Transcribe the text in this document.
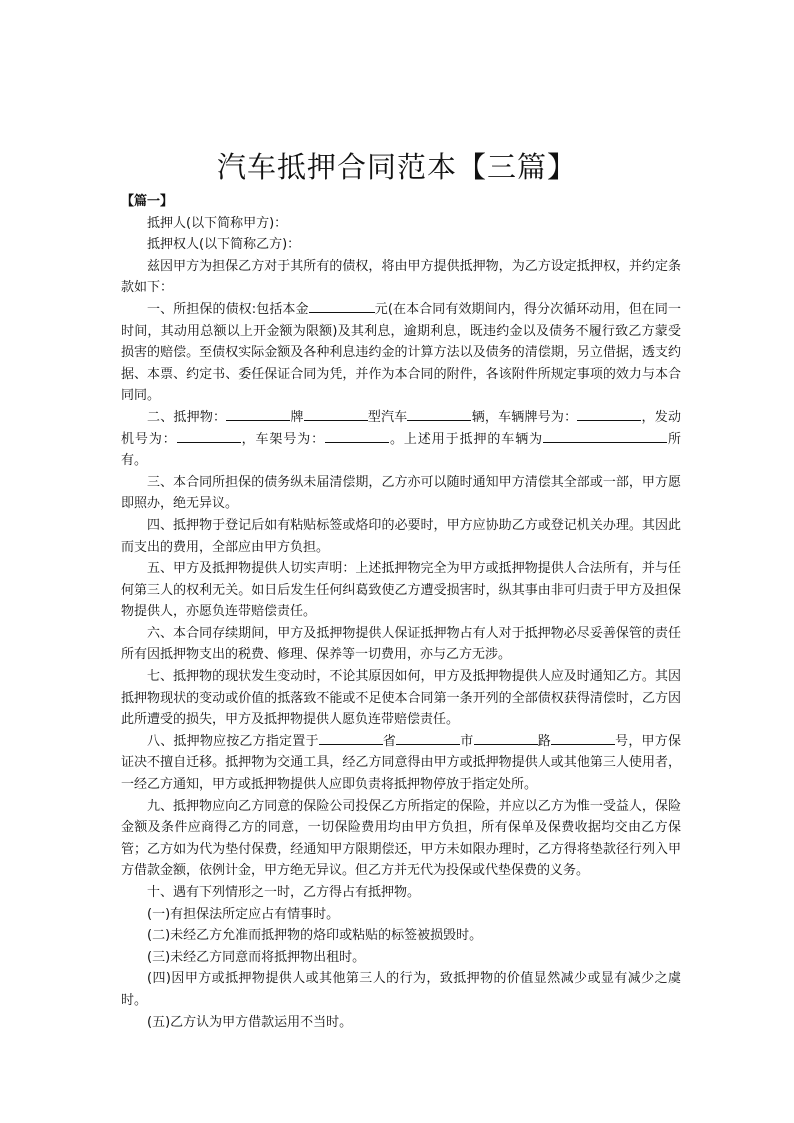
汽车抵押合同范本【三篇】

【篇一】

抵押人(以下简称甲方)：

抵押权人(以下简称乙方)：

兹因甲方为担保乙方对于其所有的债权，将由甲方提供抵押物，为乙方设定抵押权，并约定条款如下：

一、所担保的债权:包括本金	元(在本合同有效期间内，得分次循环动用，但在同一时间，其动用总额以上开金额为限额)及其利息，逾期利息，既违约金以及债务不履行致乙方蒙受损害的赔偿。至债权实际金额及各种利息违约金的计算方法以及债务的清偿期，另立借据，透支约据、本票、约定书、委任保证合同为凭，并作为本合同的附件，各该附件所规定事项的效力与本合同同。

二、抵押物：	牌	型汽车	辆，车辆牌号为：	，发动机号为：	，车架号为：	。上述用于抵押的车辆为	所有。

三、本合同所担保的债务纵未届清偿期，乙方亦可以随时通知甲方清偿其全部或一部，甲方愿即照办，绝无异议。

四、抵押物于登记后如有粘贴标签或烙印的必要时，甲方应协助乙方或登记机关办理。其因此而支出的费用，全部应由甲方负担。

五、甲方及抵押物提供人切实声明：上述抵押物完全为甲方或抵押物提供人合法所有，并与任何第三人的权利无关。如日后发生任何纠葛致使乙方遭受损害时，纵其事由非可归责于甲方及担保物提供人，亦愿负连带赔偿责任。

六、本合同存续期间，甲方及抵押物提供人保证抵押物占有人对于抵押物必尽妥善保管的责任所有因抵押物支出的税费、修理、保养等一切费用，亦与乙方无涉。

七、抵押物的现状发生变动时，不论其原因如何，甲方及抵押物提供人应及时通知乙方。其因抵押物现状的变动或价值的抵落致不能或不足使本合同第一条开列的全部债权获得清偿时，乙方因此所遭受的损失，甲方及抵押物提供人愿负连带赔偿责任。

八、抵押物应按乙方指定置于	省	市	路	号，甲方保证决不擅自迁移。抵押物为交通工具，经乙方同意得由甲方或抵押物提供人或其他第三人使用者，一经乙方通知，甲方或抵押物提供人应即负责将抵押物停放于指定处所。

九、抵押物应向乙方同意的保险公司投保乙方所指定的保险，并应以乙方为惟一受益人，保险金额及条件应商得乙方的同意，一切保险费用均由甲方负担，所有保单及保费收据均交由乙方保管；乙方如为代为垫付保费，经通知甲方限期偿还，甲方未如限办理时，乙方得将垫款径行列入甲方借款金额，依例计金，甲方绝无异议。但乙方并无代为投保或代垫保费的义务。

十、遇有下列情形之一时，乙方得占有抵押物。

(一)有担保法所定应占有情事时。

(二)未经乙方允准而抵押物的烙印或粘贴的标签被损毁时。

(三)未经乙方同意而将抵押物出租时。

(四)因甲方或抵押物提供人或其他第三人的行为，致抵押物的价值显然减少或显有减少之虞时。

(五)乙方认为甲方借款运用不当时。
